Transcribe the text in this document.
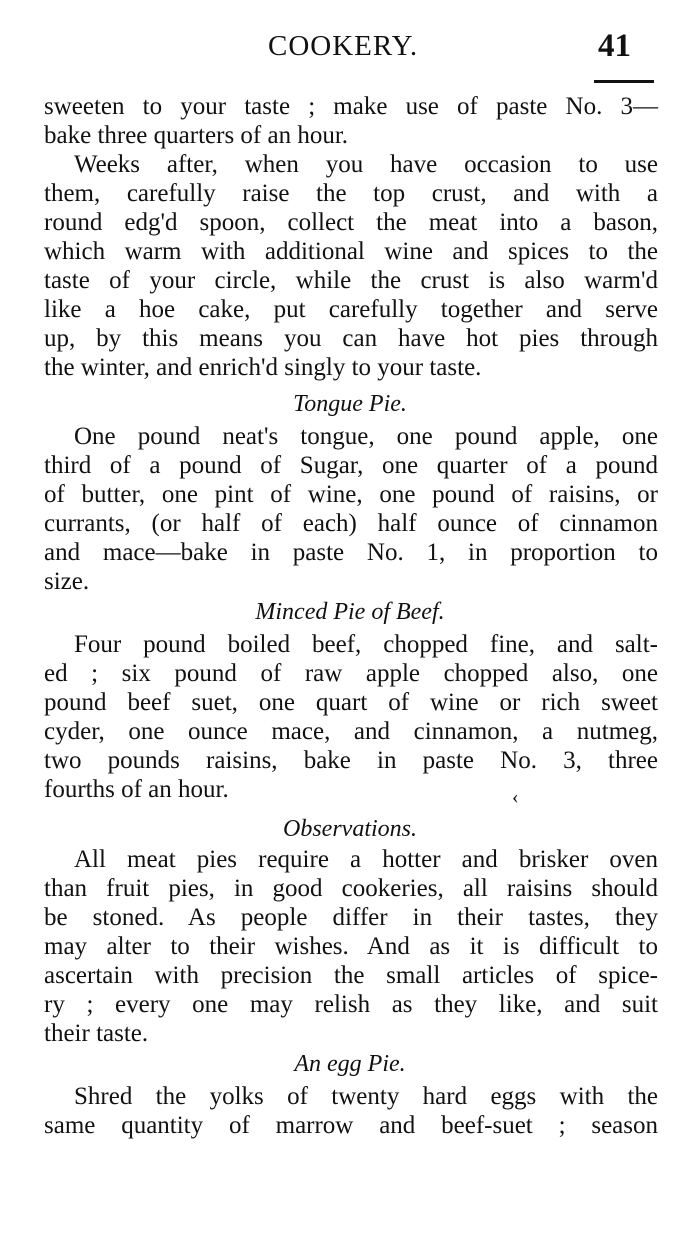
COOKERY.	41
sweeten to your taste ; make use of paste No. 3—
bake three quarters of an hour.
Weeks after, when you have occasion to use
them, carefully raise the top crust, and with a
round edg'd spoon, collect the meat into a bason,
which warm with additional wine and spices to the
taste of your circle, while the crust is also warm'd
like a hoe cake, put carefully together and serve
up, by this means you can have hot pies through
the winter, and enrich'd singly to your taste.
Tongue Pie.
One pound neat's tongue, one pound apple, one
third of a pound of Sugar, one quarter of a pound
of butter, one pint of wine, one pound of raisins, or
currants, (or half of each) half ounce of cinnamon
and mace—bake in paste No. 1, in proportion to
size.
Minced Pie of Beef.
Four pound boiled beef, chopped fine, and salt-
ed ; six pound of raw apple chopped also, one
pound beef suet, one quart of wine or rich sweet
cyder, one ounce mace, and cinnamon, a nutmeg,
two pounds raisins, bake in paste No. 3, three
fourths of an hour.	‹
Observations.
All meat pies require a hotter and brisker oven
than fruit pies, in good cookeries, all raisins should
be stoned. As people differ in their tastes, they
may alter to their wishes. And as it is difficult to
ascertain with precision the small articles of spice-
ry ; every one may relish as they like, and suit
their taste.
An egg Pie.
Shred the yolks of twenty hard eggs with the
same quantity of marrow and beef-suet ; season
